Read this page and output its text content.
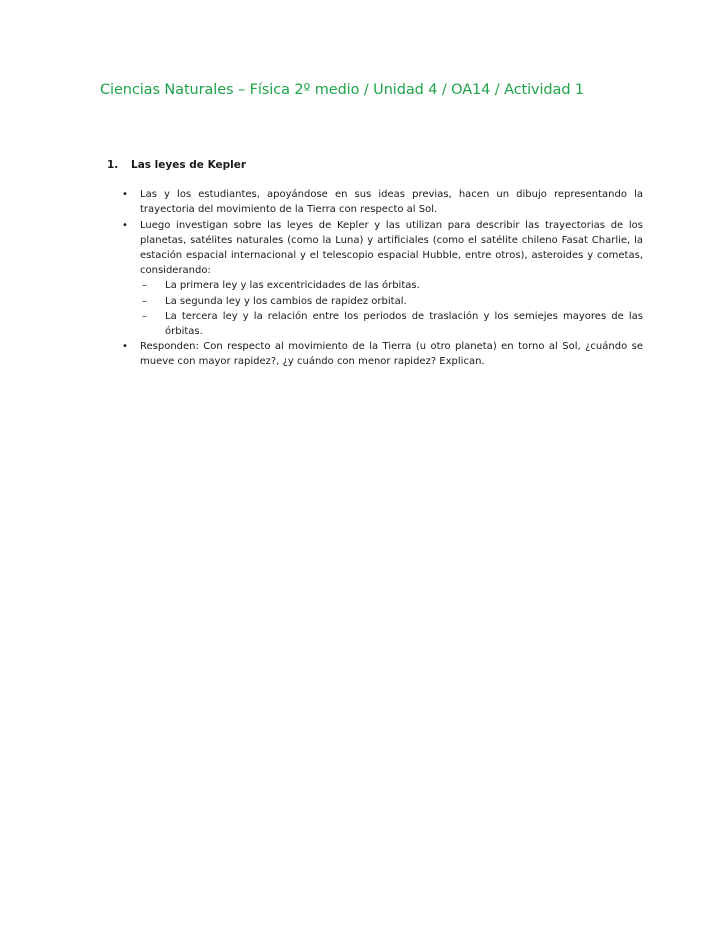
Ciencias Naturales – Física 2º medio / Unidad 4 / OA14 / Actividad 1
1.	Las leyes de Kepler
• Las y los estudiantes, apoyándose en sus ideas previas, hacen un dibujo representando la trayectoria del movimiento de la Tierra con respecto al Sol.
• Luego investigan sobre las leyes de Kepler y las utilizan para describir las trayectorias de los planetas, satélites naturales (como la Luna) y artificiales (como el satélite chileno Fasat Charlie, la estación espacial internacional y el telescopio espacial Hubble, entre otros), asteroides y cometas, considerando:
– La primera ley y las excentricidades de las órbitas.
– La segunda ley y los cambios de rapidez orbital.
– La tercera ley y la relación entre los periodos de traslación y los semiejes mayores de las órbitas.
• Responden: Con respecto al movimiento de la Tierra (u otro planeta) en torno al Sol, ¿cuándo se mueve con mayor rapidez?, ¿y cuándo con menor rapidez? Explican.
